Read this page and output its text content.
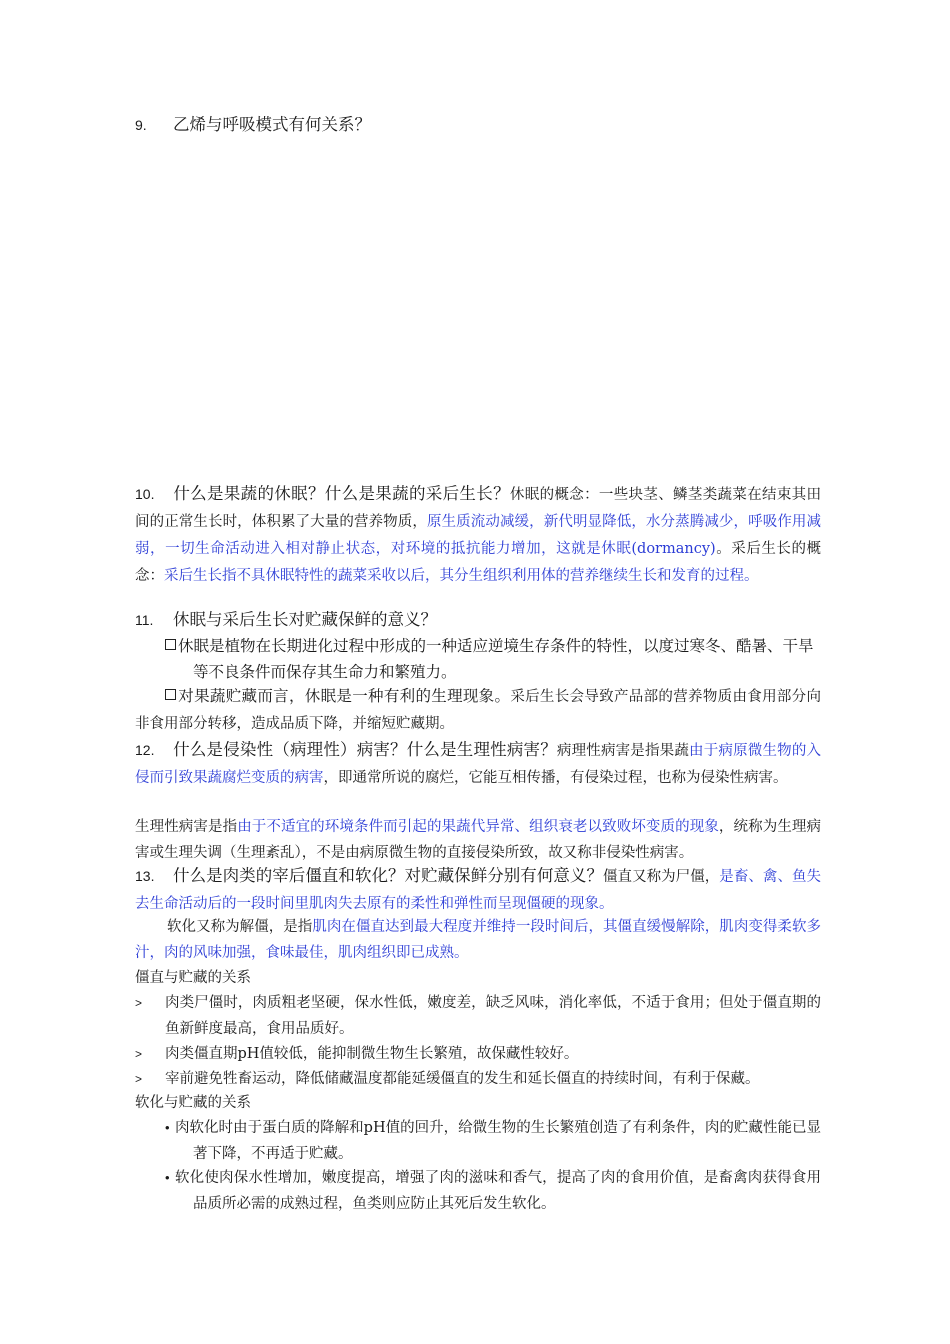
9. 乙烯与呼吸模式有何关系？
10. 什么是果蔬的休眠？什么是果蔬的采后生长？休眠的概念：一些块茎、鳞茎类蔬菜在结束其田间的正常生长时，体积累了大量的营养物质，原生质流动减缓，新代明显降低，水分蒸腾减少，呼吸作用减弱，一切生命活动进入相对静止状态，对环境的抵抗能力增加，这就是休眠(dormancy)。采后生长的概念：采后生长指不具休眠特性的蔬菜采收以后，其分生组织利用体的营养继续生长和发育的过程。
11. 休眠与采后生长对贮藏保鲜的意义？
休眠是植物在长期进化过程中形成的一种适应逆境生存条件的特性，以度过寒冬、酷暑、干旱等不良条件而保存其生命力和繁殖力。
对果蔬贮藏而言，休眠是一种有利的生理现象。采后生长会导致产品部的营养物质由食用部分向非食用部分转移，造成品质下降，并缩短贮藏期。
12. 什么是侵染性（病理性）病害？什么是生理性病害？病理性病害是指果蔬由于病原微生物的入侵而引致果蔬腐烂变质的病害，即通常所说的腐烂，它能互相传播，有侵染过程，也称为侵染性病害。
生理性病害是指由于不适宜的环境条件而引起的果蔬代异常、组织衰老以致败坏变质的现象，统称为生理病害或生理失调（生理紊乱），不是由病原微生物的直接侵染所致，故又称非侵染性病害。
13. 什么是肉类的宰后僵直和软化？对贮藏保鲜分别有何意义？僵直又称为尸僵，是畜、禽、鱼失去生命活动后的一段时间里肌肉失去原有的柔性和弹性而呈现僵硬的现象。
软化又称为解僵，是指肌肉在僵直达到最大程度并维持一段时间后，其僵直缓慢解除，肌肉变得柔软多汁，肉的风味加强，食味最佳，肌肉组织即已成熟。
僵直与贮藏的关系
> 肉类尸僵时，肉质粗老坚硬，保水性低，嫩度差，缺乏风味，消化率低，不适于食用；但处于僵直期的鱼新鲜度最高，食用品质好。
> 肉类僵直期pH值较低，能抑制微生物生长繁殖，故保藏性较好。
> 宰前避免牲畜运动，降低储藏温度都能延缓僵直的发生和延长僵直的持续时间，有利于保藏。
软化与贮藏的关系
• 肉软化时由于蛋白质的降解和pH值的回升，给微生物的生长繁殖创造了有利条件，肉的贮藏性能已显著下降，不再适于贮藏。
• 软化使肉保水性增加，嫩度提高，增强了肉的滋味和香气，提高了肉的食用价值，是畜禽肉获得食用品质所必需的成熟过程，鱼类则应防止其死后发生软化。
